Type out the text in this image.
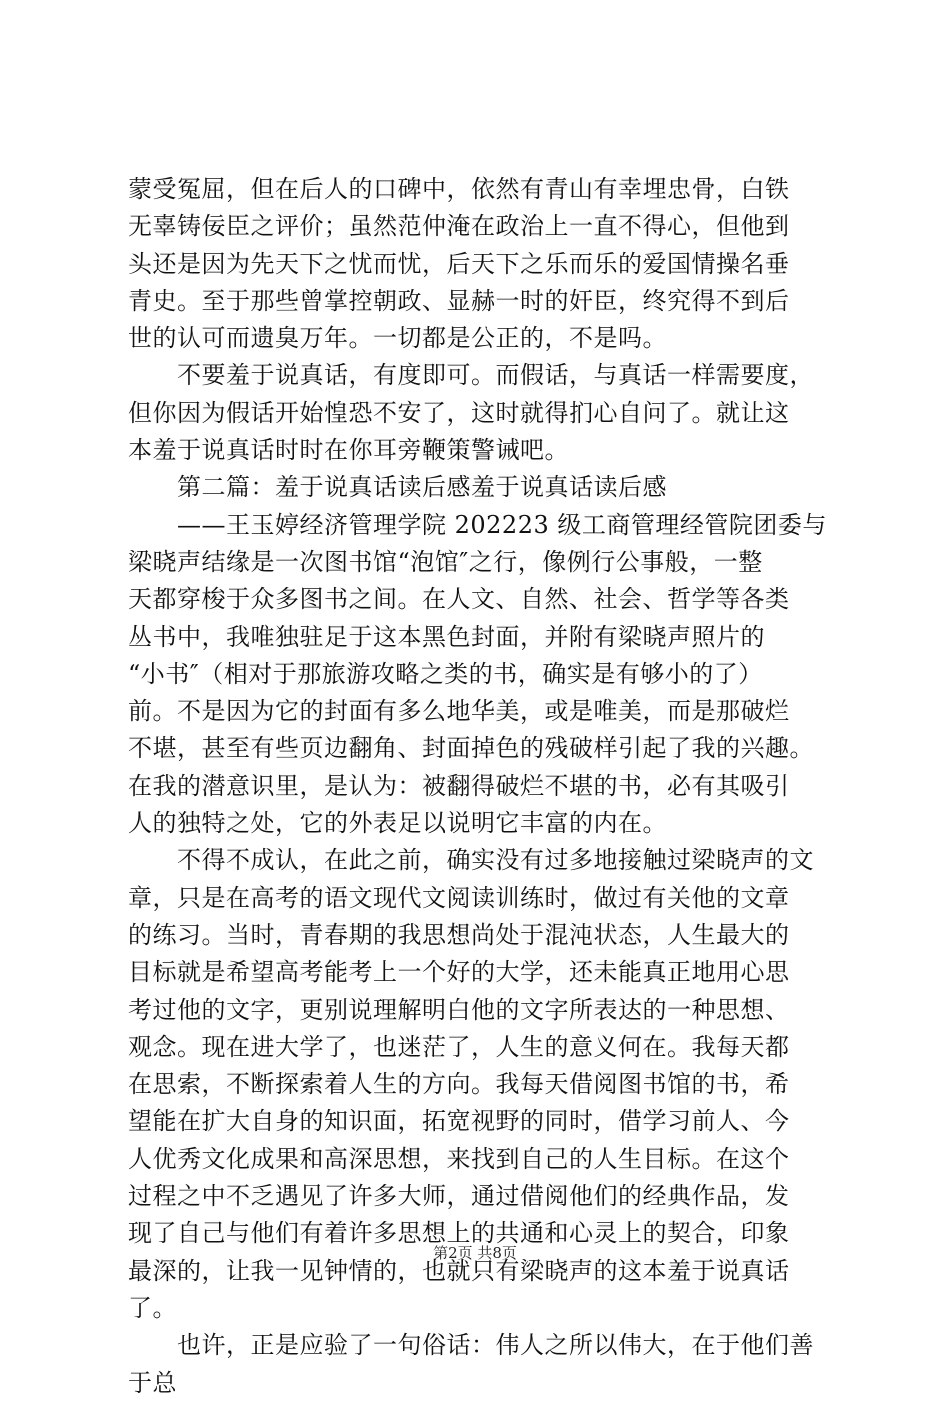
蒙受冤屈，但在后人的口碑中，依然有青山有幸埋忠骨，白铁
无辜铸佞臣之评价；虽然范仲淹在政治上一直不得心，但他到
头还是因为先天下之忧而忧，后天下之乐而乐的爱国情操名垂
青史。至于那些曾掌控朝政、显赫一时的奸臣，终究得不到后
世的认可而遗臭万年。一切都是公正的，不是吗。
　　不要羞于说真话，有度即可。而假话，与真话一样需要度，
但你因为假话开始惶恐不安了，这时就得扪心自问了。就让这
本羞于说真话时时在你耳旁鞭策警诫吧。
　　第二篇：羞于说真话读后感羞于说真话读后感
　　——王玉婷经济管理学院 202223 级工商管理经管院团委与
梁晓声结缘是一次图书馆“泡馆″之行，像例行公事般，一整
天都穿梭于众多图书之间。在人文、自然、社会、哲学等各类
丛书中，我唯独驻足于这本黑色封面，并附有梁晓声照片的
“小书″（相对于那旅游攻略之类的书，确实是有够小的了）
前。不是因为它的封面有多么地华美，或是唯美，而是那破烂
不堪，甚至有些页边翻角、封面掉色的残破样引起了我的兴趣。
在我的潜意识里，是认为：被翻得破烂不堪的书，必有其吸引
人的独特之处，它的外表足以说明它丰富的内在。
　　不得不成认，在此之前，确实没有过多地接触过梁晓声的文
章，只是在高考的语文现代文阅读训练时，做过有关他的文章
的练习。当时，青春期的我思想尚处于混沌状态，人生最大的
目标就是希望高考能考上一个好的大学，还未能真正地用心思
考过他的文字，更别说理解明白他的文字所表达的一种思想、
观念。现在进大学了，也迷茫了，人生的意义何在。我每天都
在思索，不断探索着人生的方向。我每天借阅图书馆的书，希
望能在扩大自身的知识面，拓宽视野的同时，借学习前人、今
人优秀文化成果和高深思想，来找到自己的人生目标。在这个
过程之中不乏遇见了许多大师，通过借阅他们的经典作品，发
现了自己与他们有着许多思想上的共通和心灵上的契合，印象
最深的，让我一见钟情的，也就只有梁晓声的这本羞于说真话
了。
　　也许，正是应验了一句俗话：伟人之所以伟大，在于他们善
于总
第2页 共8页
